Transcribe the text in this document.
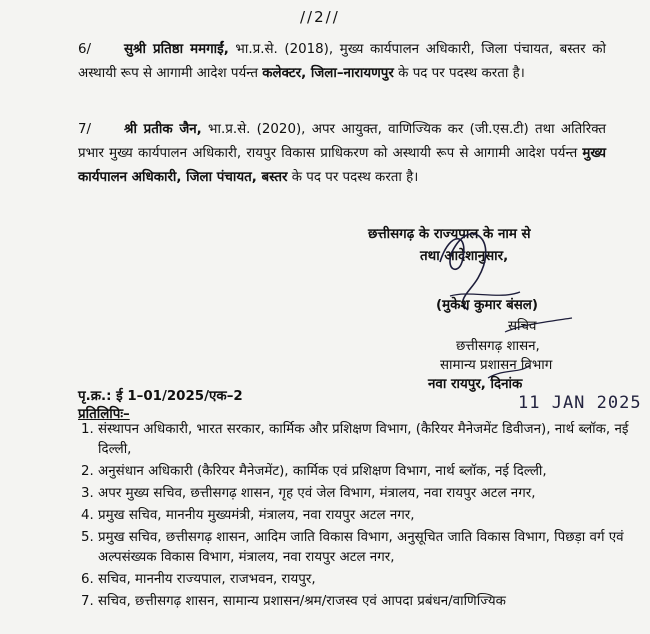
//2//
6/ सुश्री प्रतिष्ठा ममगाईं, भा.प्र.से. (2018), मुख्य कार्यपालन अधिकारी, जिला पंचायत, बस्तर को अस्थायी रूप से आगामी आदेश पर्यन्त कलेक्टर, जिला–नारायणपुर के पद पर पदस्थ करता है।
7/ श्री प्रतीक जैन, भा.प्र.से. (2020), अपर आयुक्त, वाणिज्यिक कर (जी.एस.टी) तथा अतिरिक्त प्रभार मुख्य कार्यपालन अधिकारी, रायपुर विकास प्राधिकरण को अस्थायी रूप से आगामी आदेश पर्यन्त मुख्य कार्यपालन अधिकारी, जिला पंचायत, बस्तर के पद पर पदस्थ करता है।
छत्तीसगढ़ के राज्यपाल के नाम से
तथा आदेशानुसार,
(मुकेश कुमार बंसल)
सचिव
छत्तीसगढ़ शासन,
सामान्य प्रशासन विभाग
नवा रायपुर, दिनांक
11 JAN 2025
पृ.क्र.: ई 1–01/2025/एक–2
प्रतिलिपिः–
1. संस्थापन अधिकारी, भारत सरकार, कार्मिक और प्रशिक्षण विभाग, (कैरियर मैनेजमेंट डिवीजन), नार्थ ब्लॉक, नई दिल्ली,
2. अनुसंधान अधिकारी (कैरियर मैनेजमेंट), कार्मिक एवं प्रशिक्षण विभाग, नार्थ ब्लॉक, नई दिल्ली,
3. अपर मुख्य सचिव, छत्तीसगढ़ शासन, गृह एवं जेल विभाग, मंत्रालय, नवा रायपुर अटल नगर,
4. प्रमुख सचिव, माननीय मुख्यमंत्री, मंत्रालय, नवा रायपुर अटल नगर,
5. प्रमुख सचिव, छत्तीसगढ़ शासन, आदिम जाति विकास विभाग, अनुसूचित जाति विकास विभाग, पिछड़ा वर्ग एवं अल्पसंख्यक विकास विभाग, मंत्रालय, नवा रायपुर अटल नगर,
6. सचिव, माननीय राज्यपाल, राजभवन, रायपुर,
7. सचिव, छत्तीसगढ़ शासन, सामान्य प्रशासन/श्रम/राजस्व एवं आपदा प्रबंधन/वाणिज्यिक
